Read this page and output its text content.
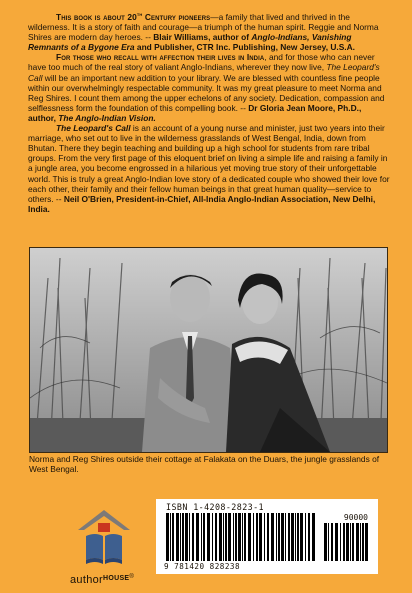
This book is about 20th Century pioneers—a family that lived and thrived in the wilderness. It is a story of faith and courage—a triumph of the human spirit. Reggie and Norma Shires are modern day heroes. -- Blair Williams, author of Anglo-Indians, Vanishing Remnants of a Bygone Era and Publisher, CTR Inc. Publishing, New Jersey, U.S.A.

For those who recall with affection their lives in India, and for those who can never have too much of the real story of valiant Anglo-Indians, wherever they now live, The Leopard's Call will be an important new addition to your library. We are blessed with countless fine people within our overwhelmingly respectable community. It was my great pleasure to meet Norma and Reg Shires. I count them among the upper echelons of any society. Dedication, compassion and selflessness form the foundation of this compelling book. -- Dr Gloria Jean Moore, Ph.D., author, The Anglo-Indian Vision.

The Leopard's Call is an account of a young nurse and minister, just two years into their marriage, who set out to live in the wilderness grasslands of West Bengal, India, down from Bhutan. There they begin teaching and building up a high school for students from rare tribal groups. From the very first page of this eloquent brief on living a simple life and raising a family in a jungle area, you become engrossed in a hilarious yet moving true story of their unforgettable world. This is truly a great Anglo-Indian love story of a dedicated couple who showed their love for each other, their family and their fellow human beings in that great human quality—service to others. -- Neil O'Brien, President-in-Chief, All-India Anglo-Indian Association, New Delhi, India.

Norma and Reg Shires outside their cottage at Falakata on the Duars, the jungle grasslands of West Bengal.
author$^{HOUSE®}$
ISBN 1-4208-2823-1
90000
9 781420 828238
